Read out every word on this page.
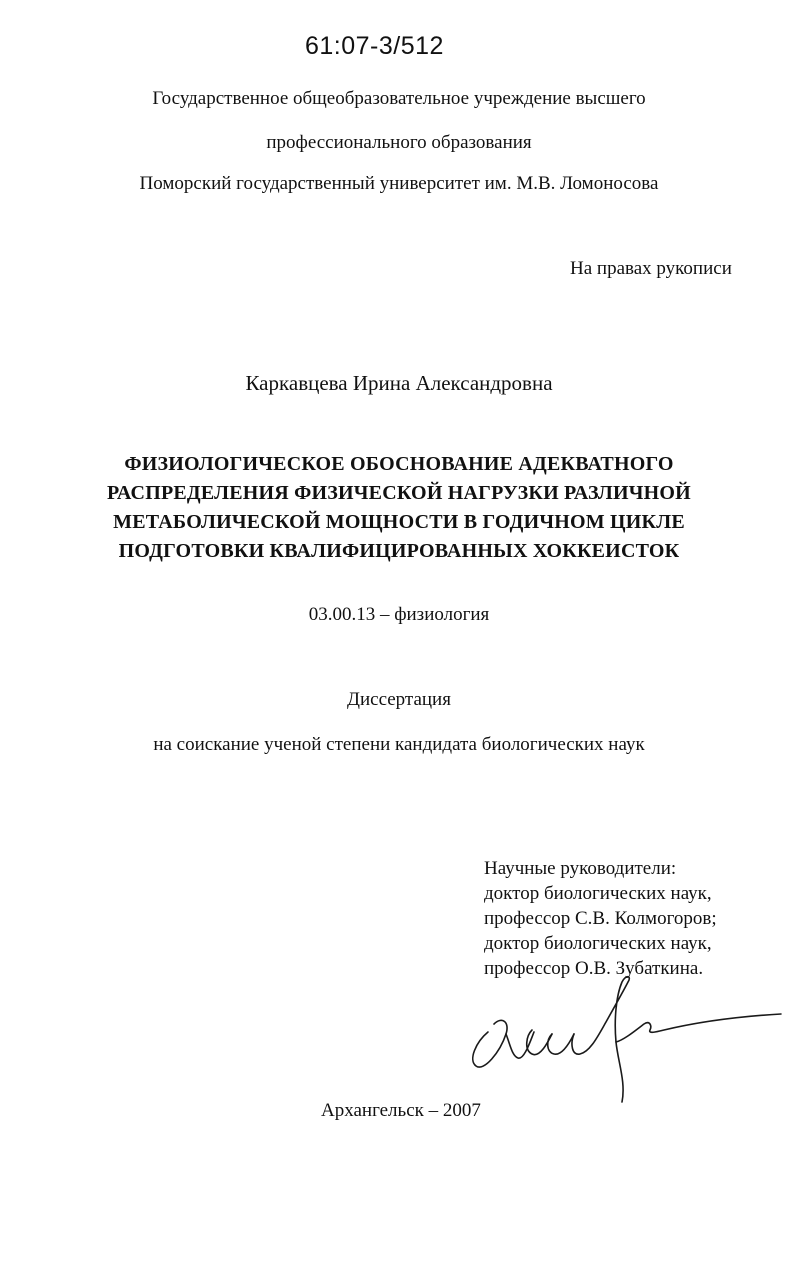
61:07-3/512
Государственное общеобразовательное учреждение высшего
профессионального образования
Поморский государственный университет им. М.В. Ломоносова
На правах рукописи
Каркавцева Ирина Александровна
ФИЗИОЛОГИЧЕСКОЕ ОБОСНОВАНИЕ АДЕКВАТНОГО
РАСПРЕДЕЛЕНИЯ ФИЗИЧЕСКОЙ НАГРУЗКИ РАЗЛИЧНОЙ
МЕТАБОЛИЧЕСКОЙ МОЩНОСТИ В ГОДИЧНОМ ЦИКЛЕ
ПОДГОТОВКИ КВАЛИФИЦИРОВАННЫХ ХОККЕИСТОК
03.00.13 – физиология
Диссертация
на соискание ученой степени кандидата биологических наук
Научные руководители:
доктор биологических наук,
профессор С.В. Колмогоров;
доктор биологических наук,
профессор О.В. Зубаткина.
Архангельск – 2007
